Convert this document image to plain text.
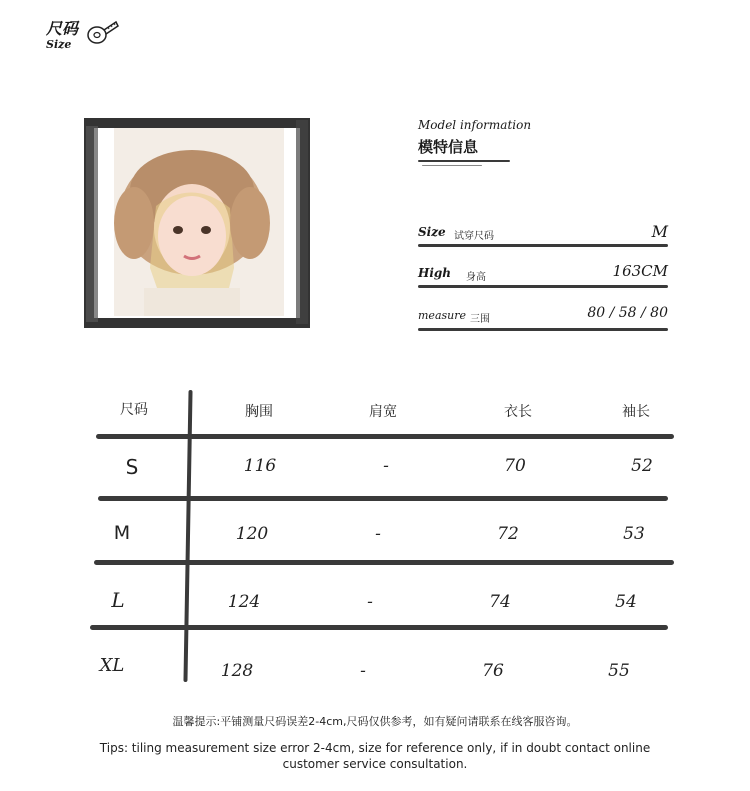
尺码
Size
Model information
模特信息
Size 试穿尺码	M
High 身高	163CM
measure 三围	80 / 58 / 80
尺码	胸围	肩宽	衣长	袖长
S	116	-	70	52
M	120	-	72	53
L	124	-	74	54
XL	128	-	76	55
温馨提示:平铺测量尺码误差2-4cm,尺码仅供参考，如有疑问请联系在线客服咨询。
Tips: tiling measurement size error 2-4cm, size for reference only, if in doubt contact online
customer service consultation.
